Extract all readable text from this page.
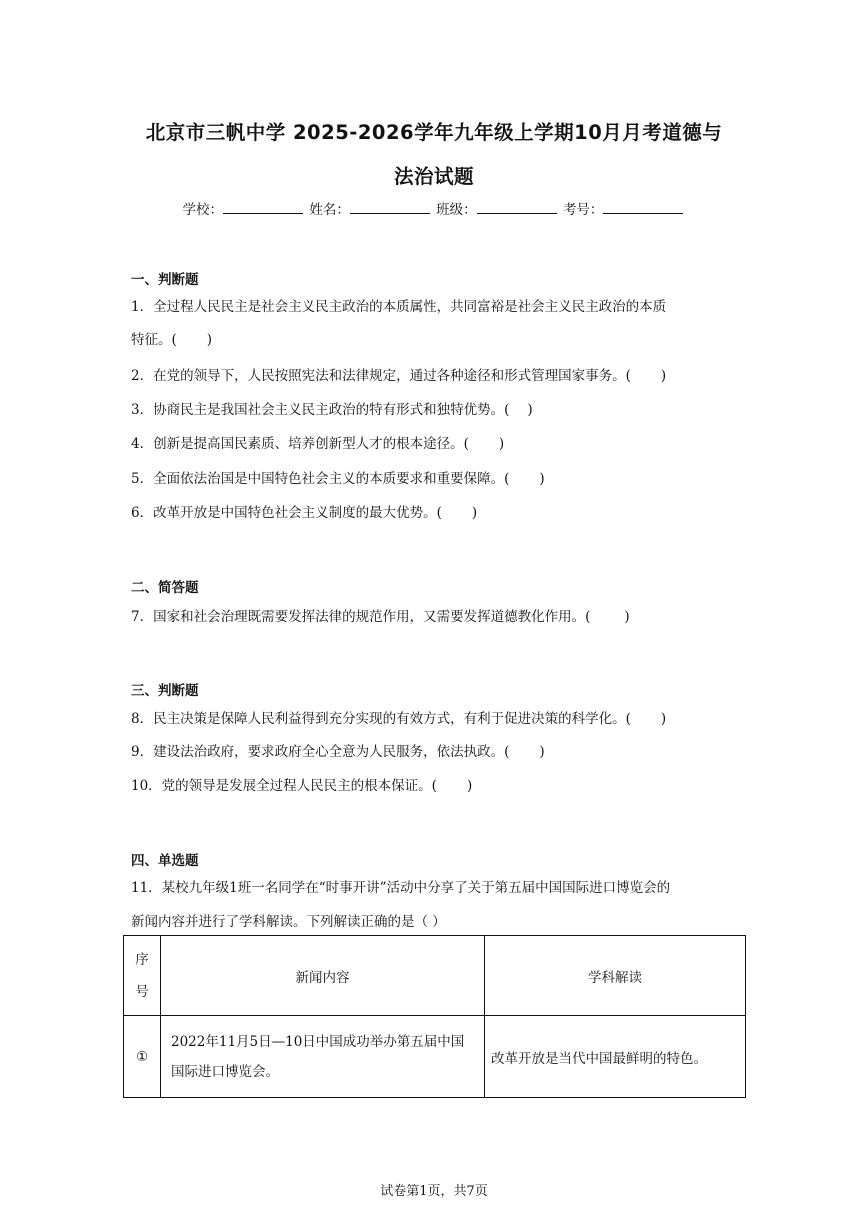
北京市三帆中学 2025-2026学年九年级上学期10月月考道德与
法治试题
学校：	姓名：	班级：	考号：
一、判断题
1．全过程人民民主是社会主义民主政治的本质属性，共同富裕是社会主义民主政治的本质
特征。( )
2．在党的领导下，人民按照宪法和法律规定，通过各种途径和形式管理国家事务。( )
3．协商民主是我国社会主义民主政治的特有形式和独特优势。( )
4．创新是提高国民素质、培养创新型人才的根本途径。( )
5．全面依法治国是中国特色社会主义的本质要求和重要保障。( )
6．改革开放是中国特色社会主义制度的最大优势。( )
二、简答题
7．国家和社会治理既需要发挥法律的规范作用，又需要发挥道德教化作用。(	)
三、判断题
8．民主决策是保障人民利益得到充分实现的有效方式，有利于促进决策的科学化。( )
9．建设法治政府，要求政府全心全意为人民服务，依法执政。( )
10．党的领导是发展全过程人民民主的根本保证。( )
四、单选题
11．某校九年级1班一名同学在“时事开讲”活动中分享了关于第五届中国国际进口博览会的
新闻内容并进行了学科解读。下列解读正确的是（ ）
序号	新闻内容	学科解读
①	2022年11月5日—10日中国成功举办第五届中国国际进口博览会。	改革开放是当代中国最鲜明的特色。
试卷第1页，共7页
